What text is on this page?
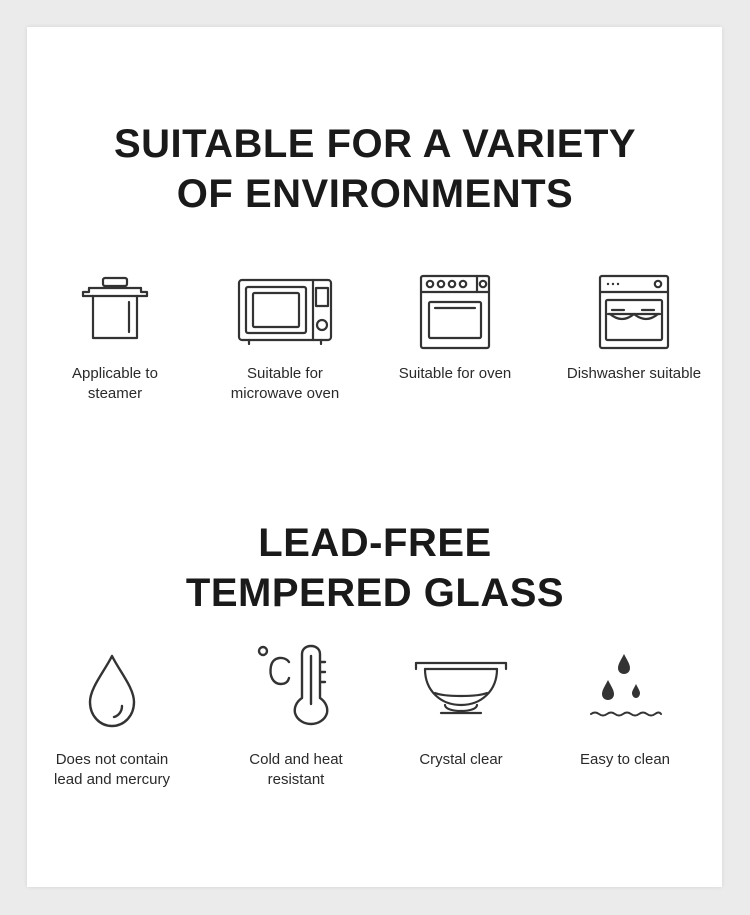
SUITABLE FOR A VARIETY
OF ENVIRONMENTS
Applicable to
steamer
Suitable for
microwave oven
Suitable for oven	Dishwasher suitable
LEAD-FREE
TEMPERED GLASS
Does not contain
lead and mercury
Cold and heat
resistant
Crystal clear	Easy to clean
